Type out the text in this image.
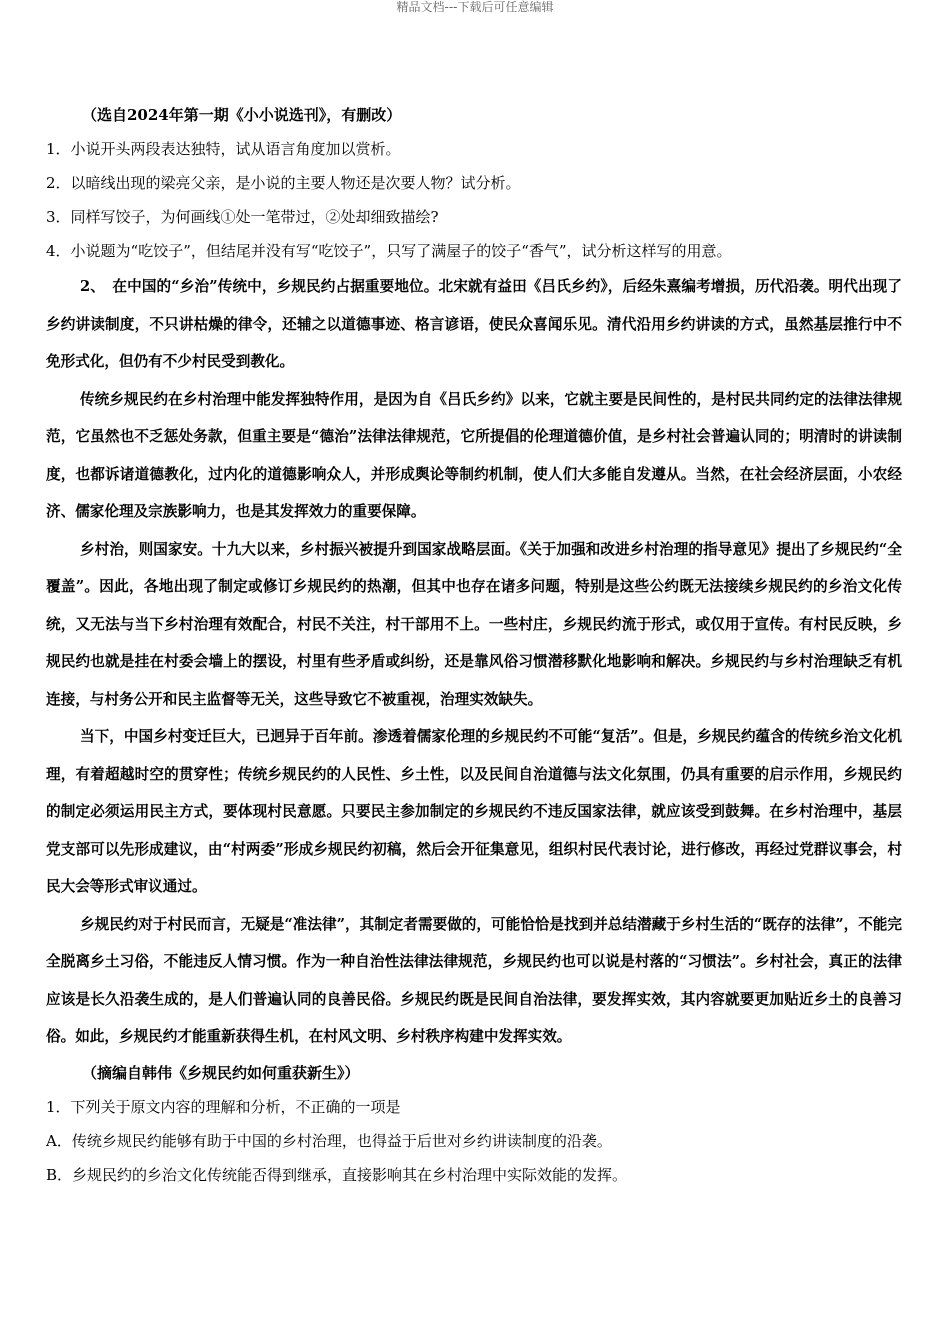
精品文档---下载后可任意编辑
（选自2024年第一期《小小说选刊》，有删改）
1．小说开头两段表达独特，试从语言角度加以赏析。
2．以暗线出现的梁亮父亲，是小说的主要人物还是次要人物？试分析。
3．同样写饺子，为何画线①处一笔带过，②处却细致描绘?
4．小说题为“吃饺子”，但结尾并没有写“吃饺子”，只写了满屋子的饺子“香气”，试分析这样写的用意。

2、　在中国的“乡治”传统中，乡规民约占据重要地位。北宋就有益田《吕氏乡约》，后经朱熹编考增损，历代沿袭。明代出现了乡约讲读制度，不只讲枯燥的律令，还辅之以道德事迹、格言谚语，使民众喜闻乐见。清代沿用乡约讲读的方式，虽然基层推行中不免形式化，但仍有不少村民受到教化。

传统乡规民约在乡村治理中能发挥独特作用，是因为自《吕氏乡约》以来，它就主要是民间性的，是村民共同约定的法律法律规范，它虽然也不乏惩处务款，但重主要是“德治”法律法律规范，它所提倡的伦理道德价值，是乡村社会普遍认同的；明清时的讲读制度，也都诉诸道德教化，过内化的道德影响众人，并形成舆论等制约机制，使人们大多能自发遵从。当然，在社会经济层面，小农经济、儒家伦理及宗族影响力，也是其发挥效力的重要保障。

乡村治，则国家安。十九大以来，乡村振兴被提升到国家战略层面。《关于加强和改进乡村治理的指导意见》提出了乡规民约“全覆盖”。因此，各地出现了制定或修订乡规民约的热潮，但其中也存在诸多问题，特别是这些公约既无法接续乡规民约的乡治文化传统，又无法与当下乡村治理有效配合，村民不关注，村干部用不上。一些村庄，乡规民约流于形式，或仅用于宣传。有村民反映，乡规民约也就是挂在村委会墙上的摆设，村里有些矛盾或纠纷，还是靠风俗习惯潜移默化地影响和解决。乡规民约与乡村治理缺乏有机连接，与村务公开和民主监督等无关，这些导致它不被重视，治理实效缺失。

当下，中国乡村变迁巨大，已迥异于百年前。渗透着儒家伦理的乡规民约不可能“复活”。但是，乡规民约蕴含的传统乡治文化机理，有着超越时空的贯穿性；传统乡规民约的人民性、乡土性，以及民间自治道德与法文化氛围，仍具有重要的启示作用，乡规民约的制定必须运用民主方式，要体现村民意愿。只要民主参加制定的乡规民约不违反国家法律，就应该受到鼓舞。在乡村治理中，基层党支部可以先形成建议，由“村两委”形成乡规民约初稿，然后会开征集意见，组织村民代表讨论，进行修改，再经过党群议事会，村民大会等形式审议通过。

乡规民约对于村民而言，无疑是“准法律”，其制定者需要做的，可能恰恰是找到并总结潜藏于乡村生活的“既存的法律”，不能完全脱离乡土习俗，不能违反人情习惯。作为一种自治性法律法律规范，乡规民约也可以说是村落的“习惯法”。乡村社会，真正的法律应该是长久沿袭生成的，是人们普遍认同的良善民俗。乡规民约既是民间自治法律，要发挥实效，其内容就要更加贴近乡土的良善习俗。如此，乡规民约才能重新获得生机，在村风文明、乡村秩序构建中发挥实效。

（摘编自韩伟《乡规民约如何重获新生》）
1．下列关于原文内容的理解和分析，不正确的一项是
A．传统乡规民约能够有助于中国的乡村治理，也得益于后世对乡约讲读制度的沿袭。
B．乡规民约的乡治文化传统能否得到继承，直接影响其在乡村治理中实际效能的发挥。
